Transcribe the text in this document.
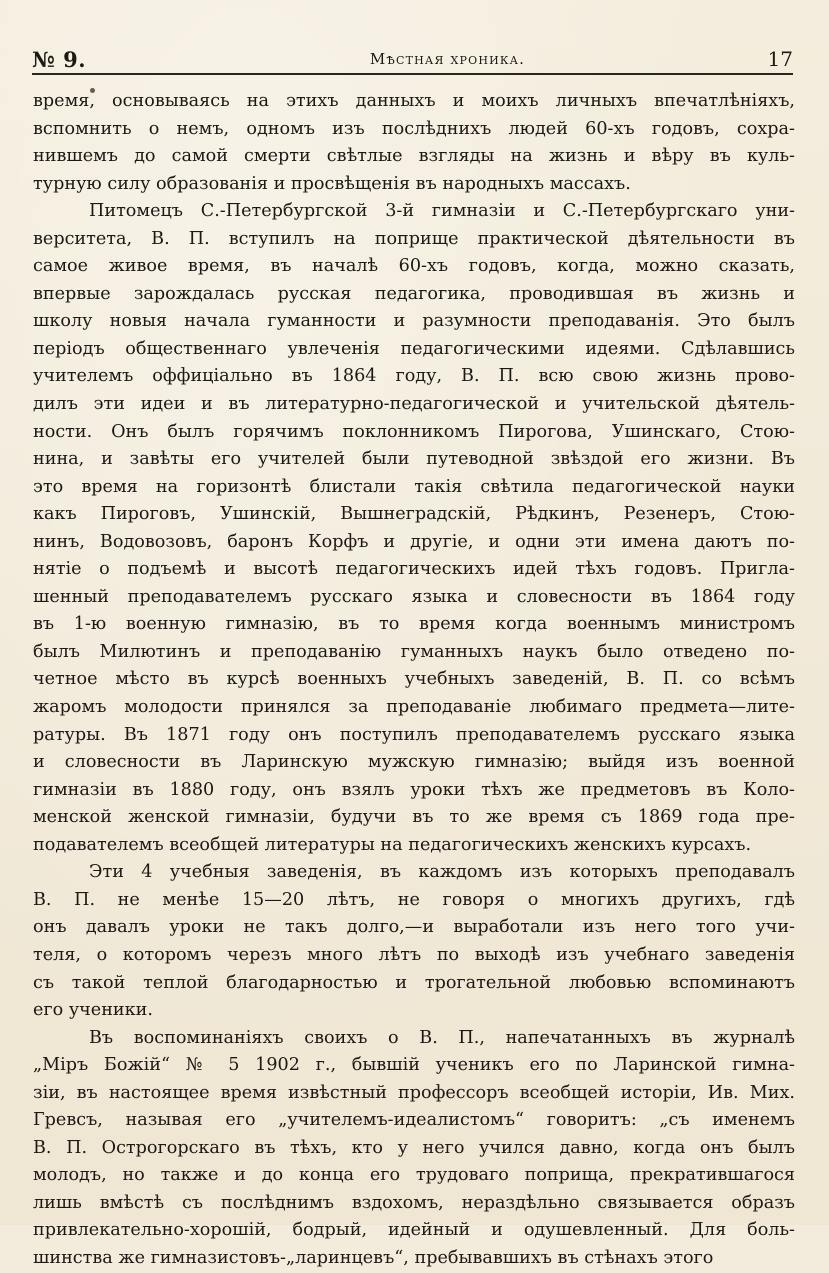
№ 9.	Мѣстная хроника.	17

время, основываясь на этихъ данныхъ и моихъ личныхъ впечатлѣніяхъ,
вспомнить о немъ, одномъ изъ послѣднихъ людей 60-хъ годовъ, сохра-
нившемъ до самой смерти свѣтлые взгляды на жизнь и вѣру въ куль-
турную силу образованія и просвѣщенія въ народныхъ массахъ.

Питомецъ С.-Петербургской 3-й гимназіи и С.-Петербургскаго уни-
верситета, В. П. вступилъ на поприще практической дѣятельности въ
самое живое время, въ началѣ 60-хъ годовъ, когда, можно сказать,
впервые зарождалась русская педагогика, проводившая въ жизнь и
школу новыя начала гуманности и разумности преподаванія. Это былъ
періодъ общественнаго увлеченія педагогическими идеями. Сдѣлавшись
учителемъ оффиціально въ 1864 году, В. П. всю свою жизнь прово-
дилъ эти идеи и въ литературно-педагогической и учительской дѣятель-
ности. Онъ былъ горячимъ поклонникомъ Пирогова, Ушинскаго, Стою-
нина, и завѣты его учителей были путеводной звѣздой его жизни. Въ
это время на горизонтѣ блистали такія свѣтила педагогической науки
какъ Пироговъ, Ушинскій, Вышнеградскій, Рѣдкинъ, Резенеръ, Стою-
нинъ, Водовозовъ, баронъ Корфъ и другіе, и одни эти имена даютъ по-
нятіе о подъемѣ и высотѣ педагогическихъ идей тѣхъ годовъ. Пригла-
шенный преподавателемъ русскаго языка и словесности въ 1864 году
въ 1-ю военную гимназію, въ то время когда военнымъ министромъ
былъ Милютинъ и преподаванію гуманныхъ наукъ было отведено по-
четное мѣсто въ курсѣ военныхъ учебныхъ заведеній, В. П. со всѣмъ
жаромъ молодости принялся за преподаваніе любимаго предмета—лите-
ратуры. Въ 1871 году онъ поступилъ преподавателемъ русскаго языка
и словесности въ Ларинскую мужскую гимназію; выйдя изъ военной
гимназіи въ 1880 году, онъ взялъ уроки тѣхъ же предметовъ въ Коло-
менской женской гимназіи, будучи въ то же время съ 1869 года пре-
подавателемъ всеобщей литературы на педагогическихъ женскихъ курсахъ.

Эти 4 учебныя заведенія, въ каждомъ изъ которыхъ преподавалъ
В. П. не менѣе 15—20 лѣтъ, не говоря о многихъ другихъ, гдѣ
онъ давалъ уроки не такъ долго,—и выработали изъ него того учи-
теля, о которомъ черезъ много лѣтъ по выходѣ изъ учебнаго заведенія
съ такой теплой благодарностью и трогательной любовью вспоминаютъ
его ученики.

Въ воспоминаніяхъ своихъ о В. П., напечатанныхъ въ журналѣ
„Міръ Божій“ № 5 1902 г., бывшій ученикъ его по Ларинской гимна-
зіи, въ настоящее время извѣстный профессоръ всеобщей исторіи, Ив. Мих.
Гревсъ, называя его „учителемъ-идеалистомъ“ говоритъ: „съ именемъ
В. П. Острогорскаго въ тѣхъ, кто у него учился давно, когда онъ былъ
молодъ, но также и до конца его трудоваго поприща, прекратившагося
лишь вмѣстѣ съ послѣднимъ вздохомъ, нераздѣльно связывается образъ
привлекательно-хорошій, бодрый, идейный и одушевленный. Для боль-
шинства же гимназистовъ-„ларинцевъ“, пребывавшихъ въ стѣнахъ этого
